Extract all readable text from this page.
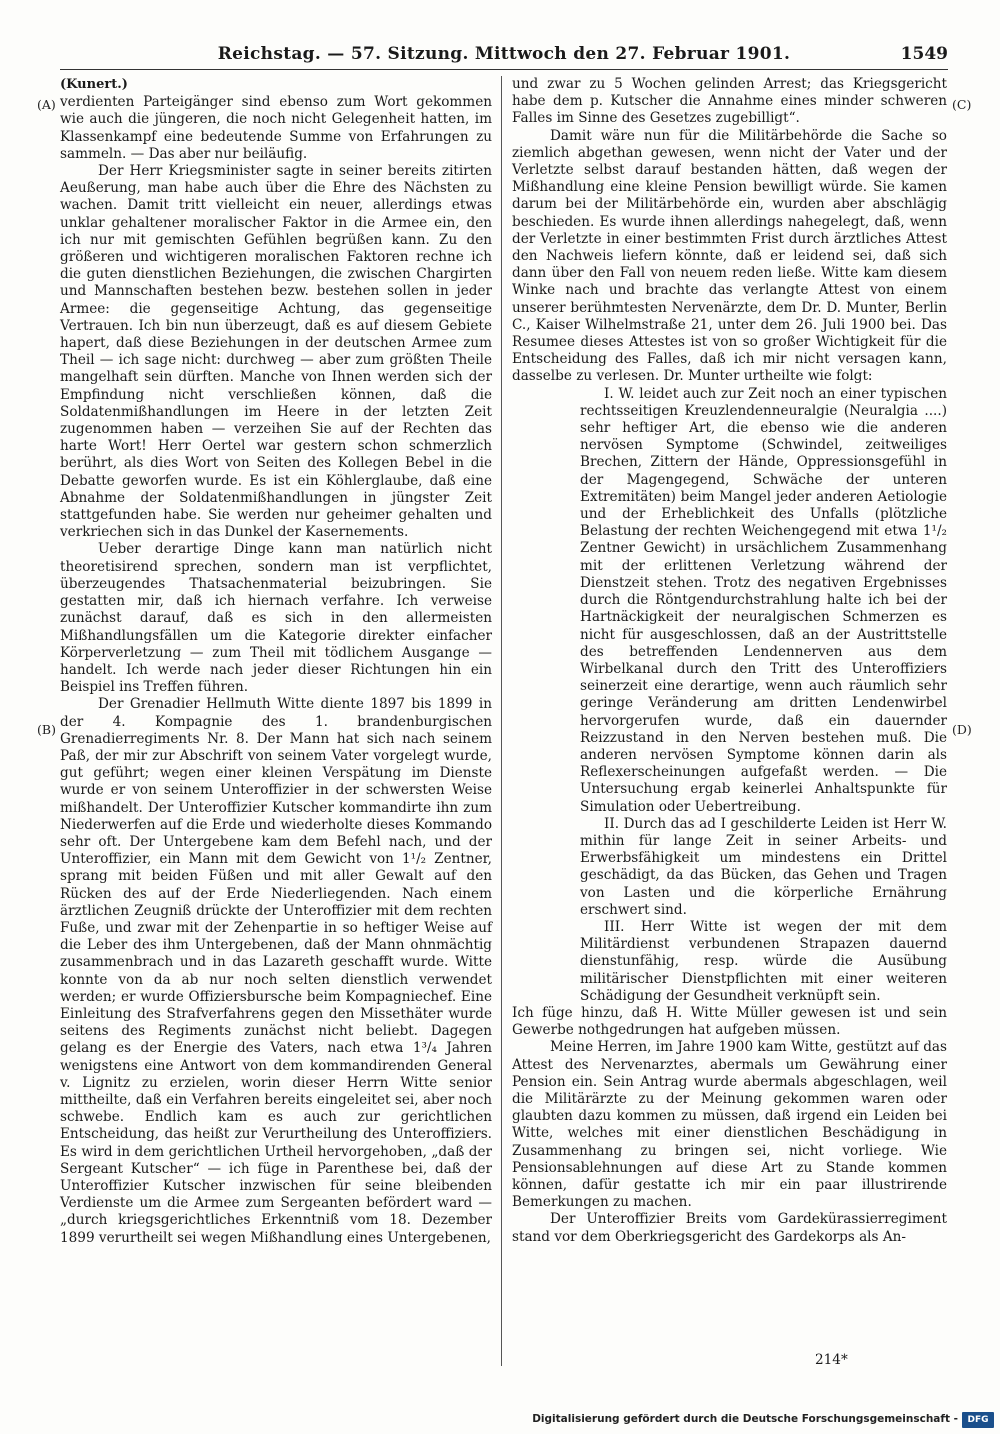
Reichstag. — 57. Sitzung. Mittwoch den 27. Februar 1901.	1549
(A)
(B)
(C)
(D)
(Kunert.)

verdienten Parteigänger sind ebenso zum Wort gekommen wie auch die jüngeren, die noch nicht Gelegenheit hatten, im Klassenkampf eine bedeutende Summe von Erfahrungen zu sammeln. — Das aber nur beiläufig.

Der Herr Kriegsminister sagte in seiner bereits zitirten Aeußerung, man habe auch über die Ehre des Nächsten zu wachen. Damit tritt vielleicht ein neuer, allerdings etwas unklar gehaltener moralischer Faktor in die Armee ein, den ich nur mit gemischten Gefühlen begrüßen kann. Zu den größeren und wichtigeren moralischen Faktoren rechne ich die guten dienstlichen Beziehungen, die zwischen Chargirten und Mannschaften bestehen bezw. bestehen sollen in jeder Armee: die gegenseitige Achtung, das gegenseitige Vertrauen. Ich bin nun überzeugt, daß es auf diesem Gebiete hapert, daß diese Beziehungen in der deutschen Armee zum Theil — ich sage nicht: durchweg — aber zum größten Theile mangelhaft sein dürften. Manche von Ihnen werden sich der Empfindung nicht verschließen können, daß die Soldatenmißhandlungen im Heere in der letzten Zeit zugenommen haben — verzeihen Sie auf der Rechten das harte Wort! Herr Oertel war gestern schon schmerzlich berührt, als dies Wort von Seiten des Kollegen Bebel in die Debatte geworfen wurde. Es ist ein Köhlerglaube, daß eine Abnahme der Soldatenmißhandlungen in jüngster Zeit stattgefunden habe. Sie werden nur geheimer gehalten und verkriechen sich in das Dunkel der Kasernements.

Ueber derartige Dinge kann man natürlich nicht theoretisirend sprechen, sondern man ist verpflichtet, überzeugendes Thatsachenmaterial beizubringen. Sie gestatten mir, daß ich hiernach verfahre. Ich verweise zunächst darauf, daß es sich in den allermeisten Mißhandlungsfällen um die Kategorie direkter einfacher Körperverletzung — zum Theil mit tödlichem Ausgange — handelt. Ich werde nach jeder dieser Richtungen hin ein Beispiel ins Treffen führen.

Der Grenadier Hellmuth Witte diente 1897 bis 1899 in der 4. Kompagnie des 1. brandenburgischen Grenadierregiments Nr. 8. Der Mann hat sich nach seinem Paß, der mir zur Abschrift von seinem Vater vorgelegt wurde, gut geführt; wegen einer kleinen Verspätung im Dienste wurde er von seinem Unteroffizier in der schwersten Weise mißhandelt. Der Unteroffizier Kutscher kommandirte ihn zum Niederwerfen auf die Erde und wiederholte dieses Kommando sehr oft. Der Untergebene kam dem Befehl nach, und der Unteroffizier, ein Mann mit dem Gewicht von 1¹/₂ Zentner, sprang mit beiden Füßen und mit aller Gewalt auf den Rücken des auf der Erde Niederliegenden. Nach einem ärztlichen Zeugniß drückte der Unteroffizier mit dem rechten Fuße, und zwar mit der Zehenpartie in so heftiger Weise auf die Leber des ihm Untergebenen, daß der Mann ohnmächtig zusammenbrach und in das Lazareth geschafft wurde. Witte konnte von da ab nur noch selten dienstlich verwendet werden; er wurde Offiziersbursche beim Kompagniechef. Eine Einleitung des Strafverfahrens gegen den Missethäter wurde seitens des Regiments zunächst nicht beliebt. Dagegen gelang es der Energie des Vaters, nach etwa 1³/₄ Jahren wenigstens eine Antwort von dem kommandirenden General v. Lignitz zu erzielen, worin dieser Herrn Witte senior mittheilte, daß ein Verfahren bereits eingeleitet sei, aber noch schwebe. Endlich kam es auch zur gerichtlichen Entscheidung, das heißt zur Verurtheilung des Unteroffiziers. Es wird in dem gerichtlichen Urtheil hervorgehoben, „daß der Sergeant Kutscher“ — ich füge in Parenthese bei, daß der Unteroffizier Kutscher inzwischen für seine bleibenden Verdienste um die Armee zum Sergeanten befördert ward — „durch kriegsgerichtliches Erkenntniß vom 18. Dezember 1899 verurtheilt sei wegen Mißhandlung eines Untergebenen,

und zwar zu 5 Wochen gelinden Arrest; das Kriegsgericht habe dem p. Kutscher die Annahme eines minder schweren Falles im Sinne des Gesetzes zugebilligt“.

Damit wäre nun für die Militärbehörde die Sache so ziemlich abgethan gewesen, wenn nicht der Vater und der Verletzte selbst darauf bestanden hätten, daß wegen der Mißhandlung eine kleine Pension bewilligt würde. Sie kamen darum bei der Militärbehörde ein, wurden aber abschlägig beschieden. Es wurde ihnen allerdings nahegelegt, daß, wenn der Verletzte in einer bestimmten Frist durch ärztliches Attest den Nachweis liefern könnte, daß er leidend sei, daß sich dann über den Fall von neuem reden ließe. Witte kam diesem Winke nach und brachte das verlangte Attest von einem unserer berühmtesten Nervenärzte, dem Dr. D. Munter, Berlin C., Kaiser Wilhelmstraße 21, unter dem 26. Juli 1900 bei. Das Resumee dieses Attestes ist von so großer Wichtigkeit für die Entscheidung des Falles, daß ich mir nicht versagen kann, dasselbe zu verlesen. Dr. Munter urtheilte wie folgt:

I. W. leidet auch zur Zeit noch an einer typischen rechtsseitigen Kreuzlendenneuralgie (Neuralgia ....) sehr heftiger Art, die ebenso wie die anderen nervösen Symptome (Schwindel, zeitweiliges Brechen, Zittern der Hände, Oppressionsgefühl in der Magengegend, Schwäche der unteren Extremitäten) beim Mangel jeder anderen Aetiologie und der Erheblichkeit des Unfalls (plötzliche Belastung der rechten Weichengegend mit etwa 1¹/₂ Zentner Gewicht) in ursächlichem Zusammenhang mit der erlittenen Verletzung während der Dienstzeit stehen. Trotz des negativen Ergebnisses durch die Röntgendurchstrahlung halte ich bei der Hartnäckigkeit der neuralgischen Schmerzen es nicht für ausgeschlossen, daß an der Austrittstelle des betreffenden Lendennerven aus dem Wirbelkanal durch den Tritt des Unteroffiziers seinerzeit eine derartige, wenn auch räumlich sehr geringe Veränderung am dritten Lendenwirbel hervorgerufen wurde, daß ein dauernder Reizzustand in den Nerven bestehen muß. Die anderen nervösen Symptome können darin als Reflexerscheinungen aufgefaßt werden. — Die Untersuchung ergab keinerlei Anhaltspunkte für Simulation oder Uebertreibung.

II. Durch das ad I geschilderte Leiden ist Herr W. mithin für lange Zeit in seiner Arbeits- und Erwerbsfähigkeit um mindestens ein Drittel geschädigt, da das Bücken, das Gehen und Tragen von Lasten und die körperliche Ernährung erschwert sind.

III. Herr Witte ist wegen der mit dem Militärdienst verbundenen Strapazen dauernd dienstunfähig, resp. würde die Ausübung militärischer Dienstpflichten mit einer weiteren Schädigung der Gesundheit verknüpft sein.

Ich füge hinzu, daß H. Witte Müller gewesen ist und sein Gewerbe nothgedrungen hat aufgeben müssen.

Meine Herren, im Jahre 1900 kam Witte, gestützt auf das Attest des Nervenarztes, abermals um Gewährung einer Pension ein. Sein Antrag wurde abermals abgeschlagen, weil die Militärärzte zu der Meinung gekommen waren oder glaubten dazu kommen zu müssen, daß irgend ein Leiden bei Witte, welches mit einer dienstlichen Beschädigung in Zusammenhang zu bringen sei, nicht vorliege. Wie Pensionsablehnungen auf diese Art zu Stande kommen können, dafür gestatte ich mir ein paar illustrirende Bemerkungen zu machen.

Der Unteroffizier Breits vom Gardekürassierregiment stand vor dem Oberkriegsgericht des Gardekorps als An-

214*
Digitalisierung gefördert durch die Deutsche Forschungsgemeinschaft -	DFG
